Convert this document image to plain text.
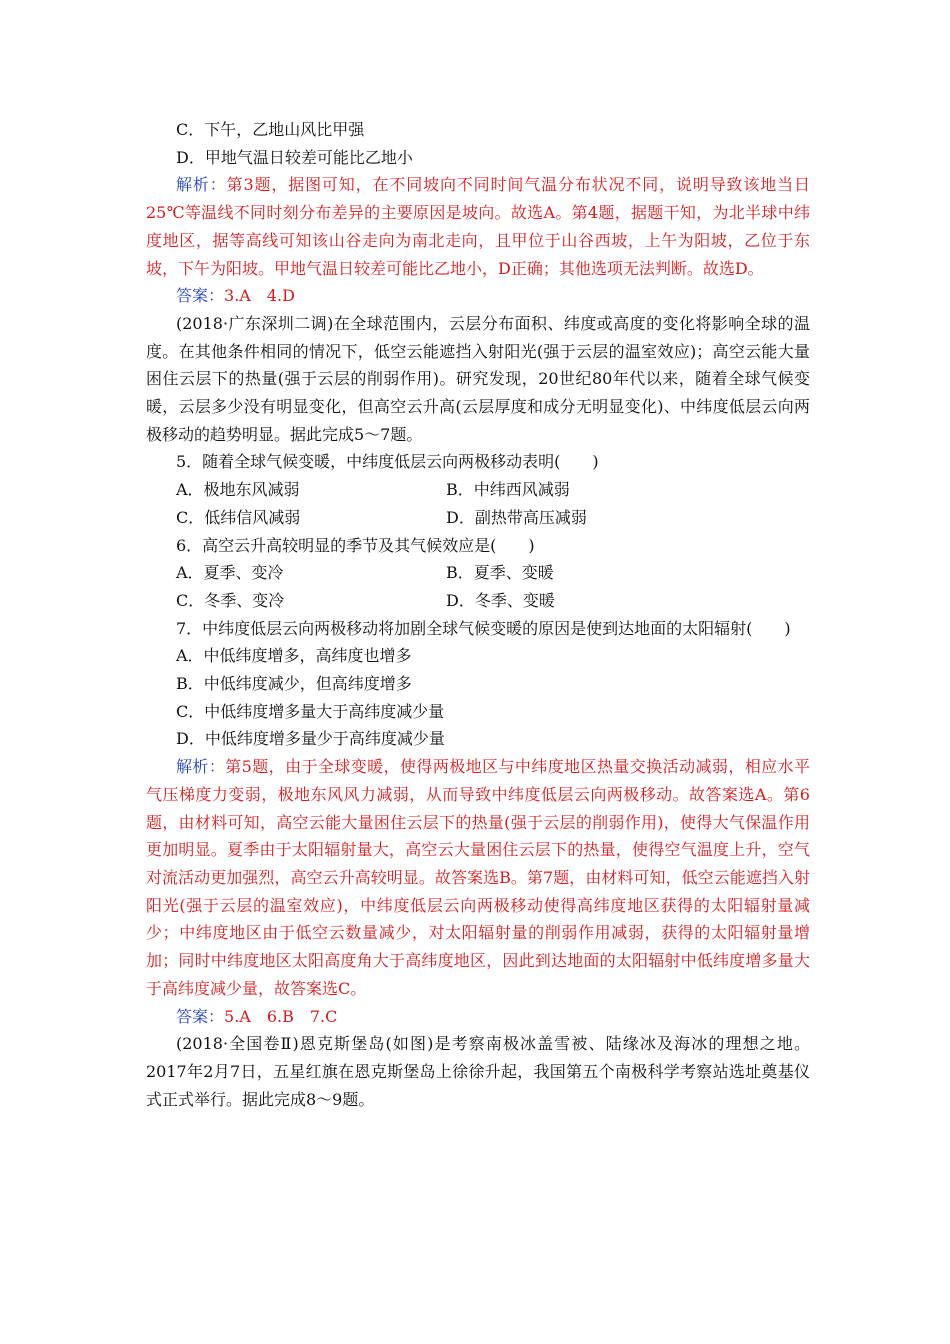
C．下午，乙地山风比甲强
D．甲地气温日较差可能比乙地小
解析：第3题，据图可知，在不同坡向不同时间气温分布状况不同，说明导致该地当日25℃等温线不同时刻分布差异的主要原因是坡向。故选A。第4题，据题干知，为北半球中纬度地区，据等高线可知该山谷走向为南北走向，且甲位于山谷西坡，上午为阳坡，乙位于东坡，下午为阳坡。甲地气温日较差可能比乙地小，D正确；其他选项无法判断。故选D。
答案：3.A　4.D
(2018·广东深圳二调)在全球范围内，云层分布面积、纬度或高度的变化将影响全球的温度。在其他条件相同的情况下，低空云能遮挡入射阳光(强于云层的温室效应)；高空云能大量困住云层下的热量(强于云层的削弱作用)。研究发现，20世纪80年代以来，随着全球气候变暖，云层多少没有明显变化，但高空云升高(云层厚度和成分无明显变化)、中纬度低层云向两极移动的趋势明显。据此完成5～7题。
5．随着全球气候变暖，中纬度低层云向两极移动表明(　　)
A．极地东风减弱	B．中纬西风减弱
C．低纬信风减弱	D．副热带高压减弱
6．高空云升高较明显的季节及其气候效应是(　　)
A．夏季、变冷	B．夏季、变暖
C．冬季、变冷	D．冬季、变暖
7．中纬度低层云向两极移动将加剧全球气候变暖的原因是使到达地面的太阳辐射(　　)
A．中低纬度增多，高纬度也增多
B．中低纬度减少，但高纬度增多
C．中低纬度增多量大于高纬度减少量
D．中低纬度增多量少于高纬度减少量
解析：第5题，由于全球变暖，使得两极地区与中纬度地区热量交换活动减弱，相应水平气压梯度力变弱，极地东风风力减弱，从而导致中纬度低层云向两极移动。故答案选A。第6题，由材料可知，高空云能大量困住云层下的热量(强于云层的削弱作用)，使得大气保温作用更加明显。夏季由于太阳辐射量大，高空云大量困住云层下的热量，使得空气温度上升，空气对流活动更加强烈，高空云升高较明显。故答案选B。第7题，由材料可知，低空云能遮挡入射阳光(强于云层的温室效应)，中纬度低层云向两极移动使得高纬度地区获得的太阳辐射量减少；中纬度地区由于低空云数量减少，对太阳辐射量的削弱作用减弱，获得的太阳辐射量增加；同时中纬度地区太阳高度角大于高纬度地区，因此到达地面的太阳辐射中低纬度增多量大于高纬度减少量，故答案选C。
答案：5.A　6.B　7.C
(2018·全国卷Ⅱ)恩克斯堡岛(如图)是考察南极冰盖雪被、陆缘冰及海冰的理想之地。2017年2月7日，五星红旗在恩克斯堡岛上徐徐升起，我国第五个南极科学考察站选址奠基仪式正式举行。据此完成8～9题。
